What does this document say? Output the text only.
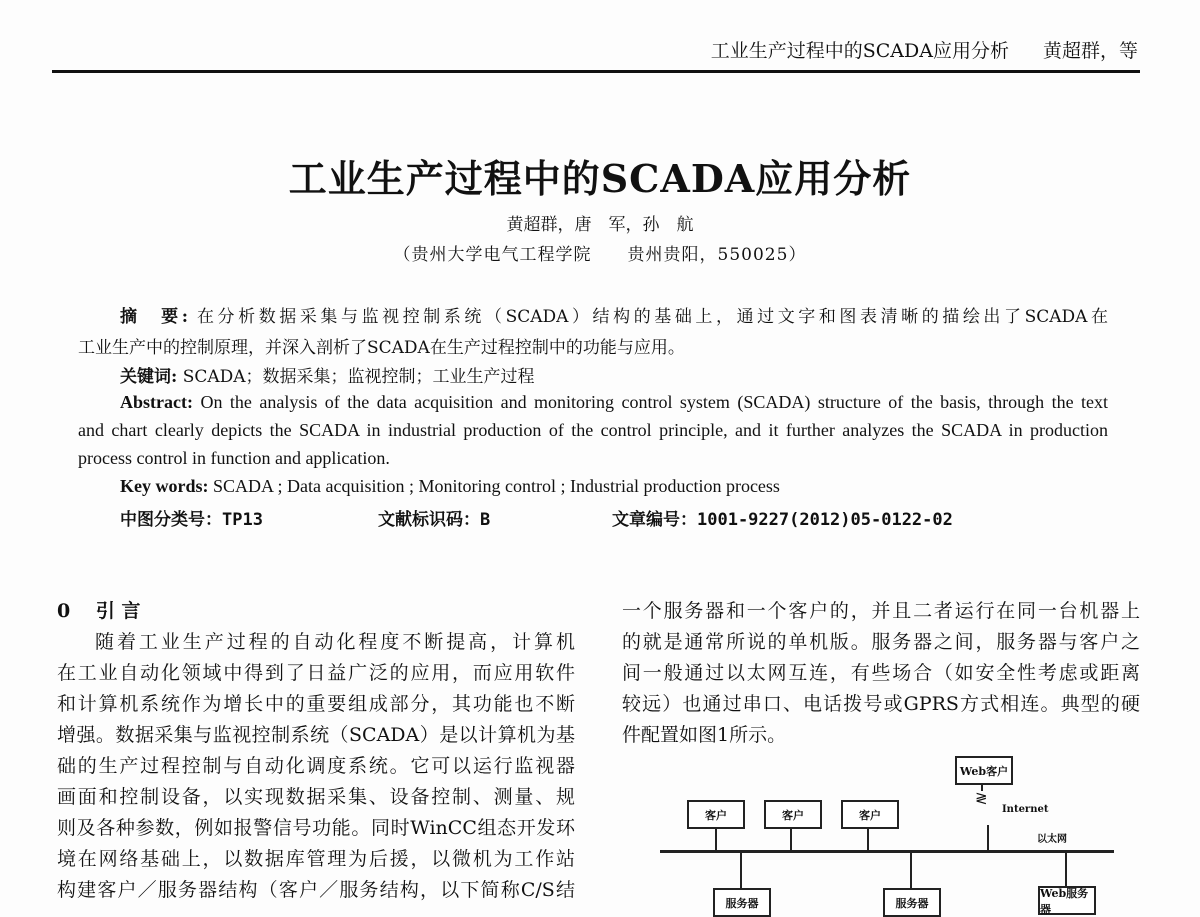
工业生产过程中的SCADA应用分析 黄超群，等
工业生产过程中的SCADA应用分析
黄超群，唐　军，孙　航
（贵州大学电气工程学院　　贵州贵阳，550025）
摘　要: 在分析数据采集与监视控制系统（SCADA）结构的基础上，通过文字和图表清晰的描绘出了SCADA在
工业生产中的控制原理，并深入剖析了SCADA在生产过程控制中的功能与应用。
关键词: SCADA；数据采集；监视控制；工业生产过程
Abstract: On the analysis of the data acquisition and monitoring control system (SCADA) structure of the basis, through the text
and chart clearly depicts the SCADA in industrial production of the control principle, and it further analyzes the SCADA in production
process control in function and application.
Key words: SCADA ; Data acquisition ; Monitoring control ; Industrial production process
中图分类号：TP13	文献标识码：B	文章编号：1001-9227(2012)05-0122-02
0　 引 言
随着工业生产过程的自动化程度不断提高，计算机
在工业自动化领域中得到了日益广泛的应用，而应用软件
和计算机系统作为增长中的重要组成部分，其功能也不断
增强。数据采集与监视控制系统（SCADA）是以计算机为基
础的生产过程控制与自动化调度系统。它可以运行监视器
画面和控制设备，以实现数据采集、设备控制、测量、规
则及各种参数，例如报警信号功能。同时WinCC组态开发环
境在网络基础上，以数据库管理为后援，以微机为工作站
构建客户／服务器结构（客户／服务结构，以下简称C/S结
一个服务器和一个客户的，并且二者运行在同一台机器上
的就是通常所说的单机版。服务器之间，服务器与客户之
间一般通过以太网互连，有些场合（如安全性考虑或距离
较远）也通过串口、电话拨号或GPRS方式相连。典型的硬
件配置如图1所示。
客户	客户	客户
Web客户
≷
Internet
以太网
服务器	服务器
Web服务器
